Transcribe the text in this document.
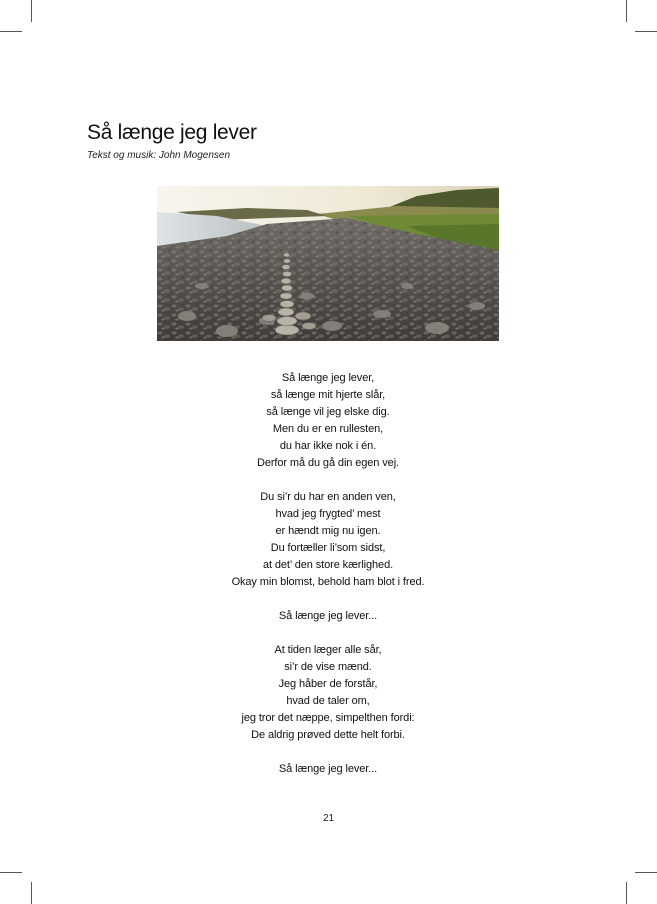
Så længe jeg lever
Tekst og musik: John Mogensen
Så længe jeg lever,
så længe mit hjerte slår,
så længe vil jeg elske dig.
Men du er en rullesten,
du har ikke nok i én.
Derfor må du gå din egen vej.
Du si’r du har en anden ven,
hvad jeg frygted’ mest
er hændt mig nu igen.
Du fortæller li’som sidst,
at det’ den store kærlighed.
Okay min blomst, behold ham blot i fred.
Så længe jeg lever...
At tiden læger alle sår,
si’r de vise mænd.
Jeg håber de forstår,
hvad de taler om,
jeg tror det næppe, simpelthen fordi:
De aldrig prøved dette helt forbi.
Så længe jeg lever...
21
